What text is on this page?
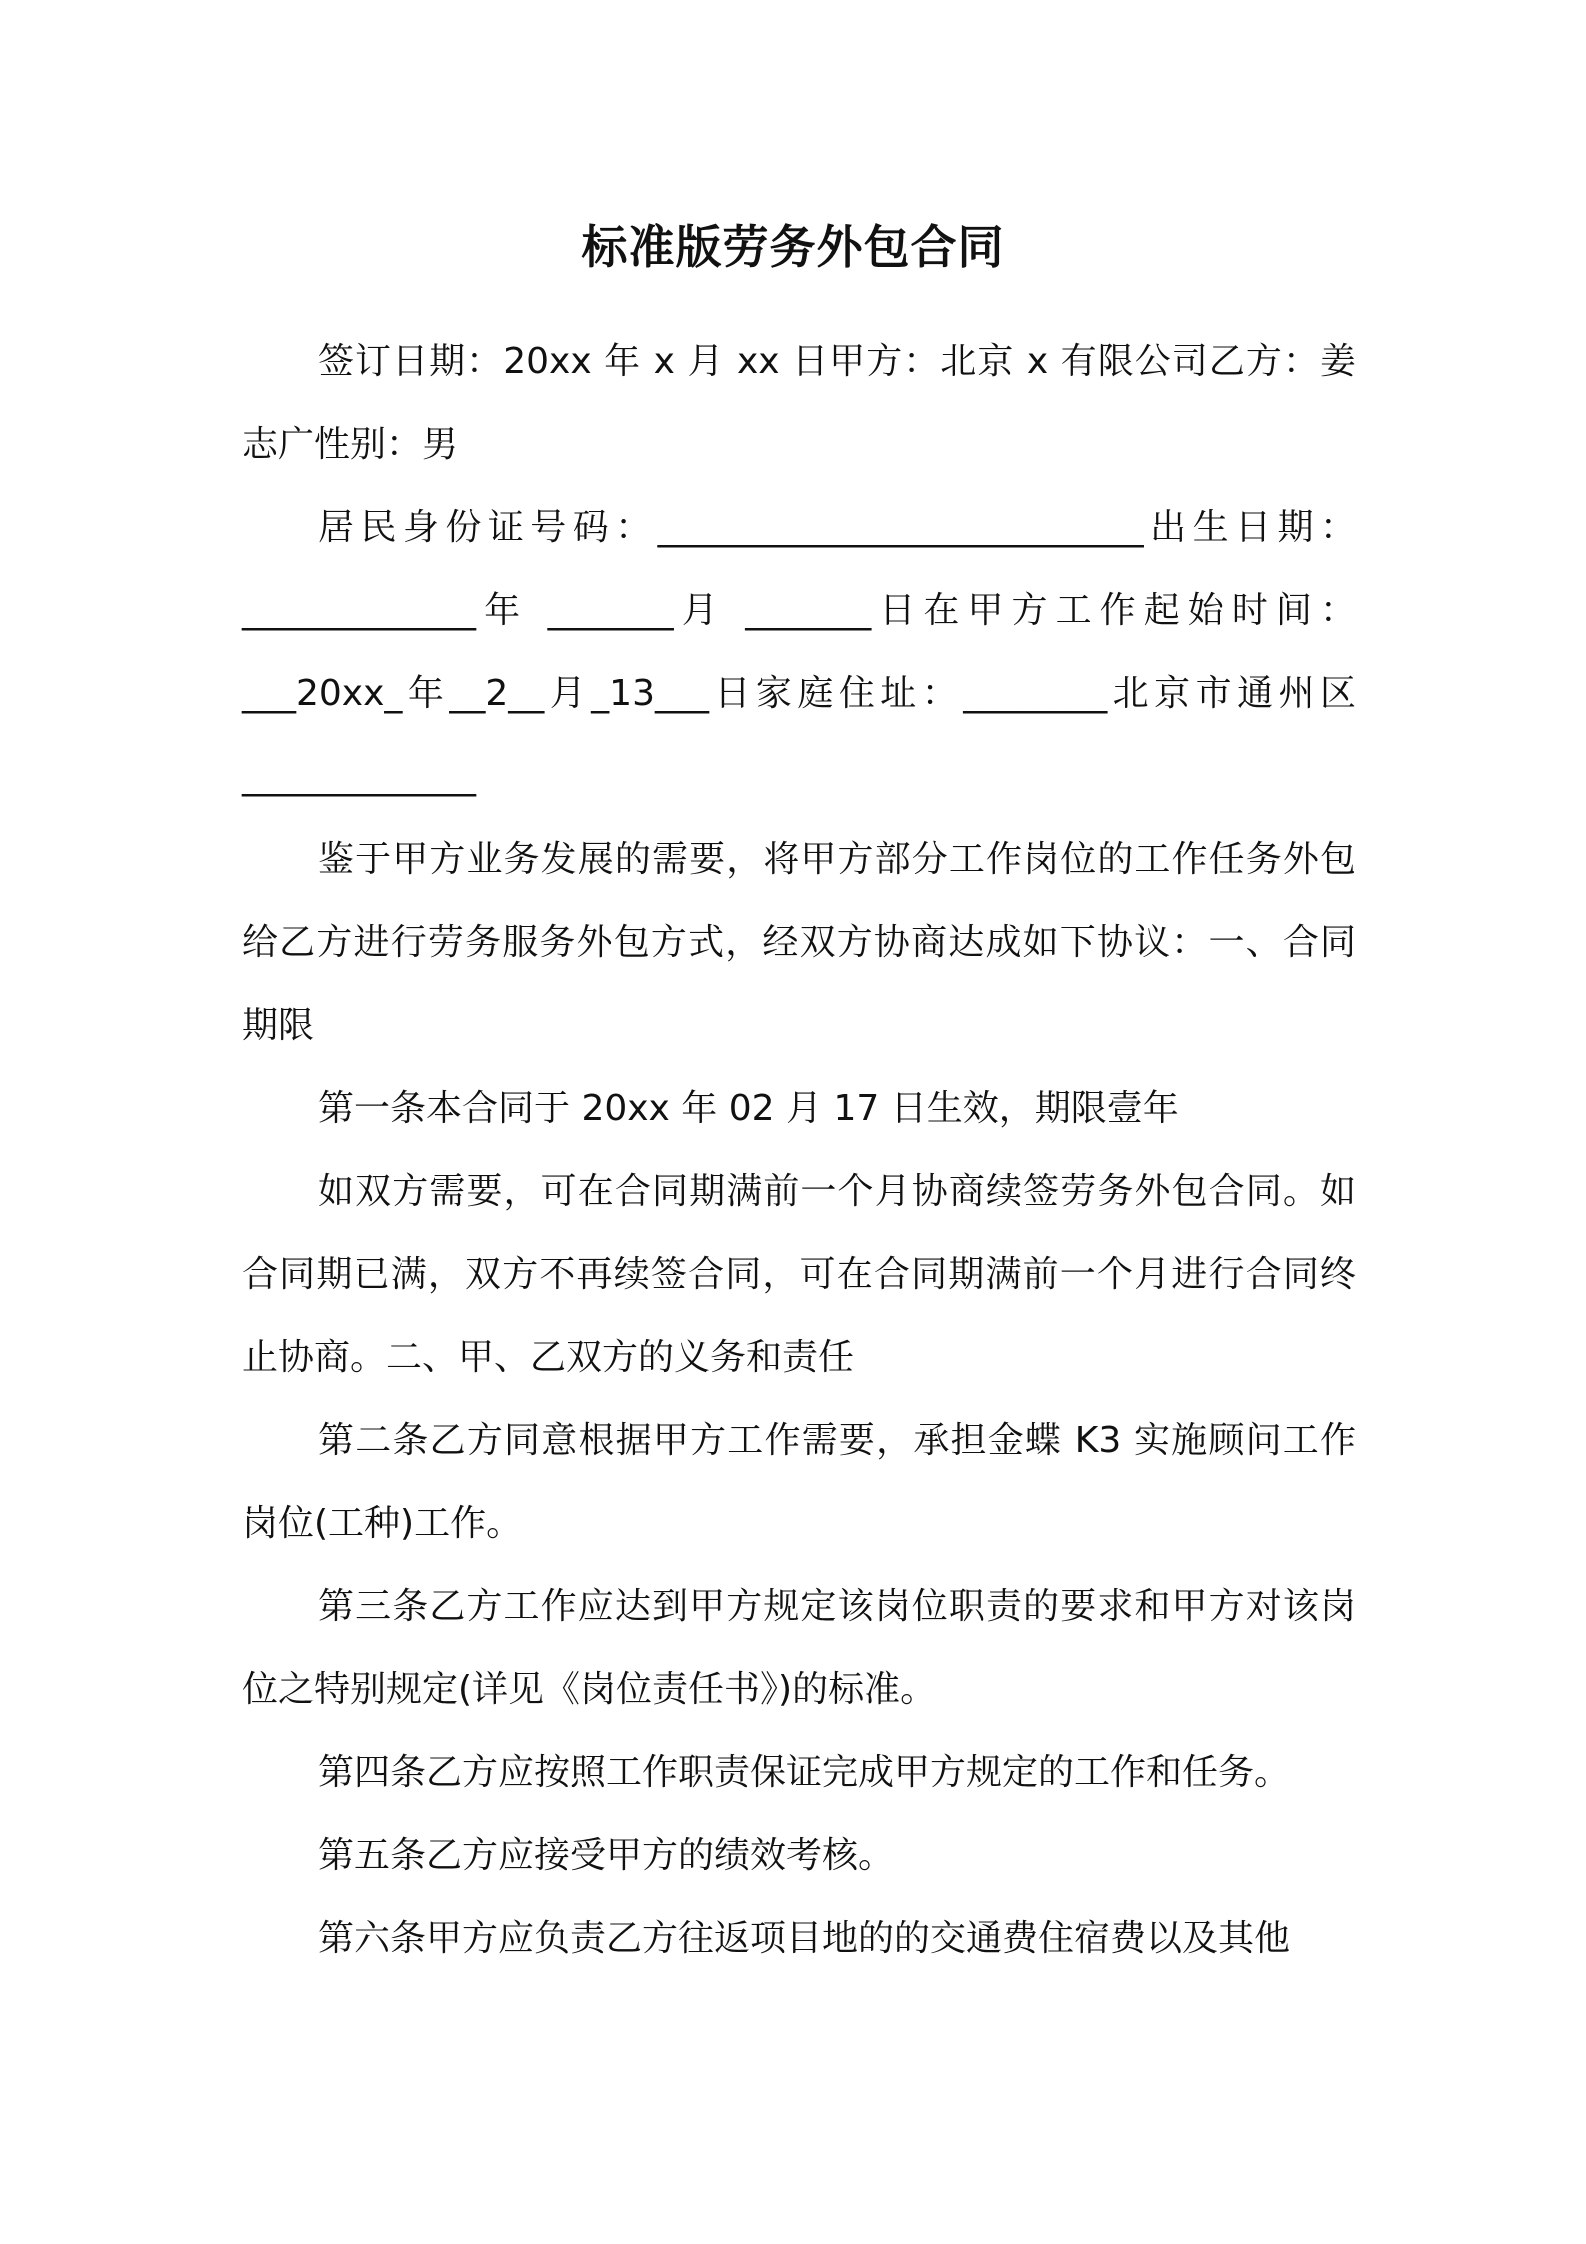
标准版劳务外包合同

签订日期：20xx 年 x 月 xx 日甲方：北京 x 有限公司乙方：姜志广性别：男

居民身份证号码：___________________________出生日期：

_____________年 _______月 _______日在甲方工作起始时间：

___20xx_年__2__月_13___日家庭住址：________北京市通州区

_____________

鉴于甲方业务发展的需要，将甲方部分工作岗位的工作任务外包给乙方进行劳务服务外包方式，经双方协商达成如下协议：一、合同期限

第一条本合同于 20xx 年 02 月 17 日生效，期限壹年

如双方需要，可在合同期满前一个月协商续签劳务外包合同。如合同期已满，双方不再续签合同，可在合同期满前一个月进行合同终止协商。二、甲、乙双方的义务和责任

第二条乙方同意根据甲方工作需要，承担金蝶 K3 实施顾问工作岗位(工种)工作。

第三条乙方工作应达到甲方规定该岗位职责的要求和甲方对该岗位之特别规定(详见《岗位责任书》)的标准。

第四条乙方应按照工作职责保证完成甲方规定的工作和任务。

第五条乙方应接受甲方的绩效考核。

第六条甲方应负责乙方往返项目地的的交通费住宿费以及其他
